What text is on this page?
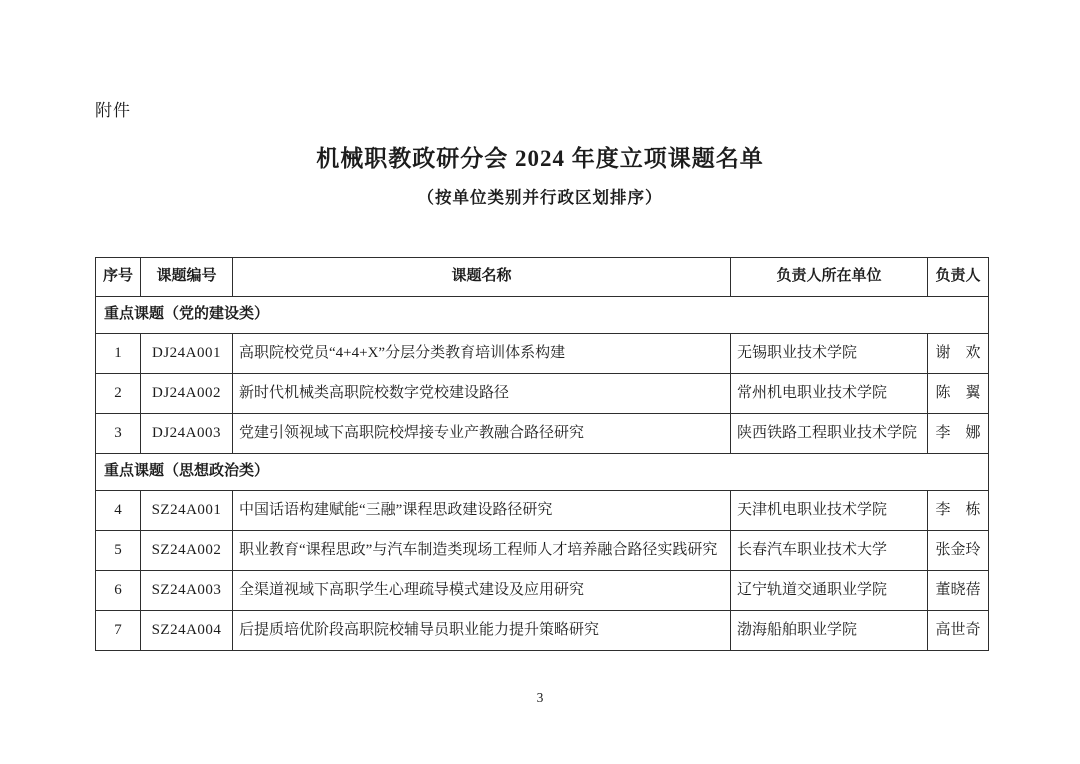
附件
机械职教政研分会 2024 年度立项课题名单
（按单位类别并行政区划排序）
序号	课题编号	课题名称	负责人所在单位	负责人
重点课题（党的建设类）				
1	DJ24A001	高职院校党员“4+4+X”分层分类教育培训体系构建	无锡职业技术学院	谢　欢
2	DJ24A002	新时代机械类高职院校数字党校建设路径	常州机电职业技术学院	陈　翼
3	DJ24A003	党建引领视域下高职院校焊接专业产教融合路径研究	陕西铁路工程职业技术学院	李　娜
重点课题（思想政治类）				
4	SZ24A001	中国话语构建赋能“三融”课程思政建设路径研究	天津机电职业技术学院	李　栋
5	SZ24A002	职业教育“课程思政”与汽车制造类现场工程师人才培养融合路径实践研究	长春汽车职业技术大学	张金玲
6	SZ24A003	全渠道视域下高职学生心理疏导模式建设及应用研究	辽宁轨道交通职业学院	董晓蓓
7	SZ24A004	后提质培优阶段高职院校辅导员职业能力提升策略研究	渤海船舶职业学院	高世奇
3
